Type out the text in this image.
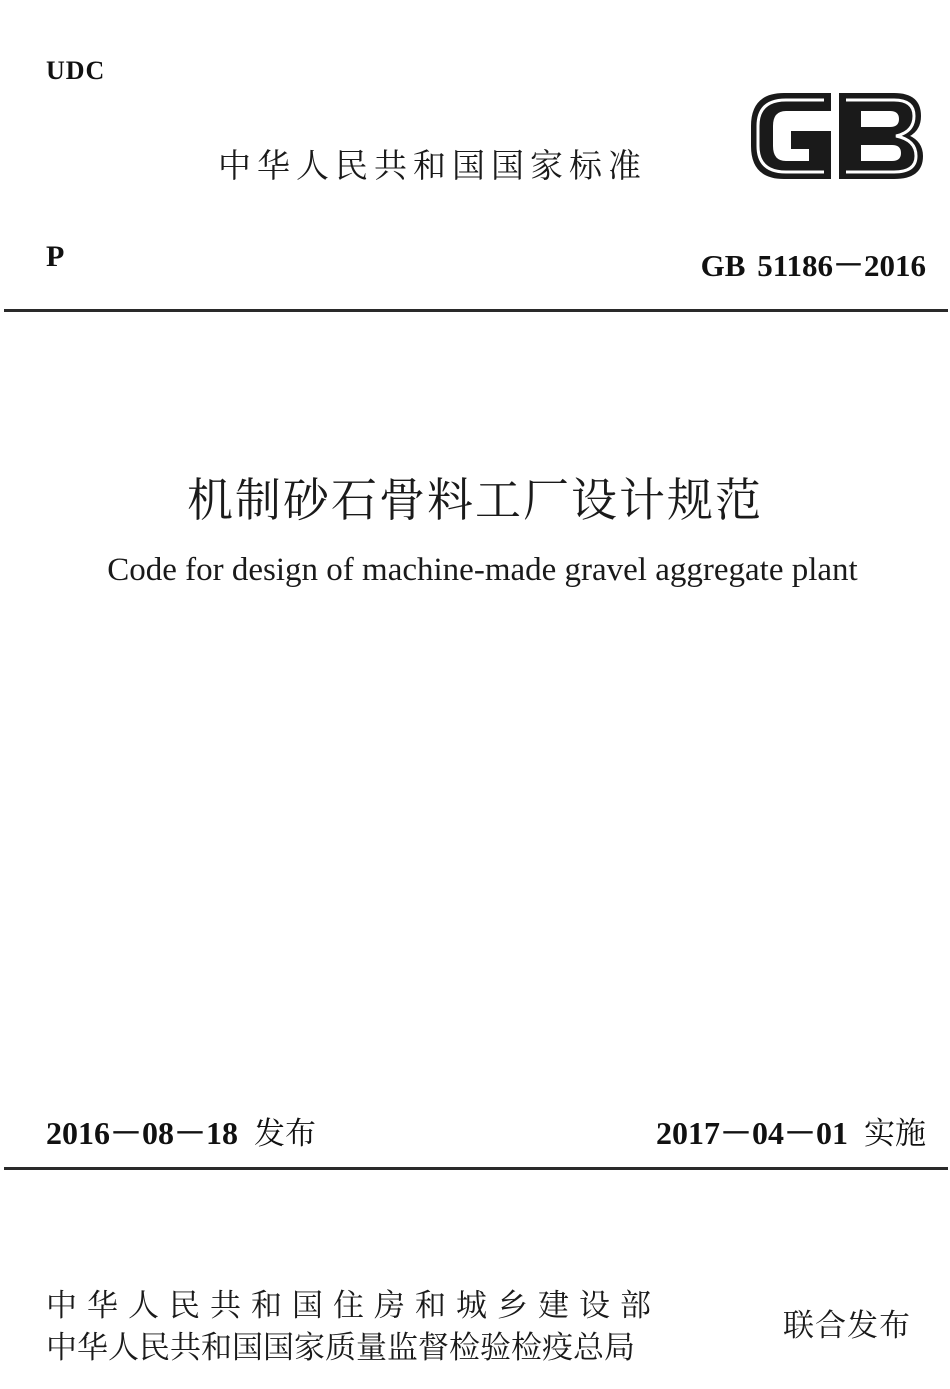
UDC
中华人民共和国国家标准
P	GB 51186－2016
机制砂石骨料工厂设计规范
Code for design of machine-made gravel aggregate plant
2016－08－18 发布	2017－04－01 实施
中华人民共和国住房和城乡建设部
中华人民共和国国家质量监督检验检疫总局
联合发布
